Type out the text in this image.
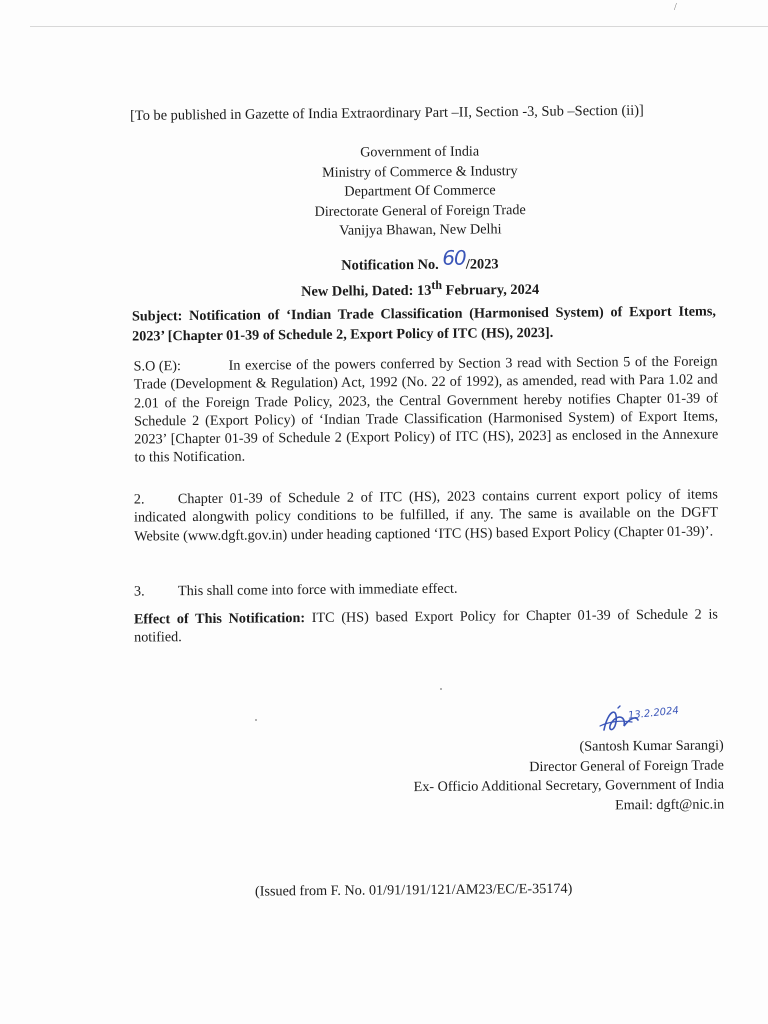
/
[To be published in Gazette of India Extraordinary Part –II, Section -3, Sub –Section (ii)]
Government of India
Ministry of Commerce & Industry
Department Of Commerce
Directorate General of Foreign Trade
Vanijya Bhawan, New Delhi
Notification No. 60/2023
New Delhi, Dated: 13th February, 2024
Subject: Notification of ‘Indian Trade Classification (Harmonised System) of Export Items, 2023’ [Chapter 01-39 of Schedule 2, Export Policy of ITC (HS), 2023].
S.O (E):	In exercise of the powers conferred by Section 3 read with Section 5 of the Foreign Trade (Development & Regulation) Act, 1992 (No. 22 of 1992), as amended, read with Para 1.02 and 2.01 of the Foreign Trade Policy, 2023, the Central Government hereby notifies Chapter 01-39 of Schedule 2 (Export Policy) of ‘Indian Trade Classification (Harmonised System) of Export Items, 2023’ [Chapter 01-39 of Schedule 2 (Export Policy) of ITC (HS), 2023] as enclosed in the Annexure to this Notification.
2. Chapter 01-39 of Schedule 2 of ITC (HS), 2023 contains current export policy of items indicated alongwith policy conditions to be fulfilled, if any. The same is available on the DGFT Website (www.dgft.gov.in) under heading captioned ‘ITC (HS) based Export Policy (Chapter 01-39)’.
3. This shall come into force with immediate effect.
Effect of This Notification: ITC (HS) based Export Policy for Chapter 01-39 of Schedule 2 is notified.
13.2.2024
(Santosh Kumar Sarangi)
Director General of Foreign Trade
Ex- Officio Additional Secretary, Government of India
Email: dgft@nic.in
(Issued from F. No. 01/91/191/121/AM23/EC/E-35174)
